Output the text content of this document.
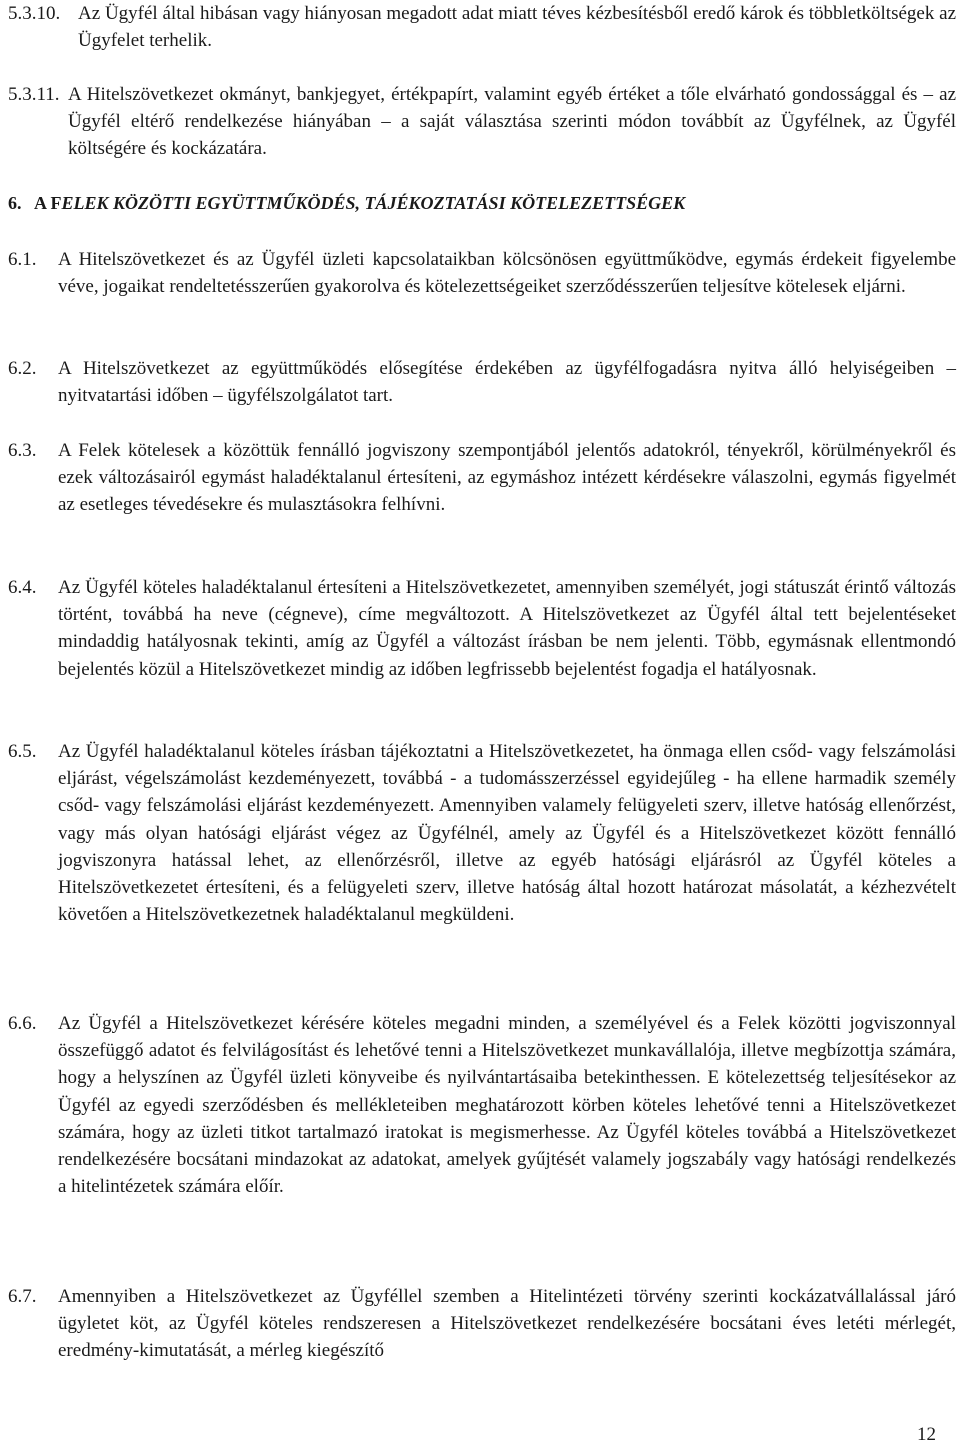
5.3.10. Az Ügyfél által hibásan vagy hiányosan megadott adat miatt téves kézbesítésből eredő károk és többletköltségek az Ügyfelet terhelik.
5.3.11. A Hitelszövetkezet okmányt, bankjegyet, értékpapírt, valamint egyéb értéket a tőle elvárható gondossággal és – az Ügyfél eltérő rendelkezése hiányában – a saját választása szerinti módon továbbít az Ügyfélnek, az Ügyfél költségére és kockázatára.
6. A FELEK KÖZÖTTI EGYÜTTMŰKÖDÉS, TÁJÉKOZTATÁSI KÖTELEZETTSÉGEK
6.1.	A Hitelszövetkezet és az Ügyfél üzleti kapcsolataikban kölcsönösen együttműködve, egymás érdekeit figyelembe véve, jogaikat rendeltetésszerűen gyakorolva és kötelezettségeiket szerződésszerűen teljesítve kötelesek eljárni.
6.2.	A Hitelszövetkezet az együttműködés elősegítése érdekében az ügyfélfogadásra nyitva álló helyiségeiben – nyitvatartási időben – ügyfélszolgálatot tart.
6.3.	A Felek kötelesek a közöttük fennálló jogviszony szempontjából jelentős adatokról, tényekről, körülményekről és ezek változásairól egymást haladéktalanul értesíteni, az egymáshoz intézett kérdésekre válaszolni, egymás figyelmét az esetleges tévedésekre és mulasztásokra felhívni.
6.4.	Az Ügyfél köteles haladéktalanul értesíteni a Hitelszövetkezetet, amennyiben személyét, jogi státuszát érintő változás történt, továbbá ha neve (cégneve), címe megváltozott. A Hitelszövetkezet az Ügyfél által tett bejelentéseket mindaddig hatályosnak tekinti, amíg az Ügyfél a változást írásban be nem jelenti. Több, egymásnak ellentmondó bejelentés közül a Hitelszövetkezet mindig az időben legfrissebb bejelentést fogadja el hatályosnak.
6.5.	Az Ügyfél haladéktalanul köteles írásban tájékoztatni a Hitelszövetkezetet, ha önmaga ellen csőd- vagy felszámolási eljárást, végelszámolást kezdeményezett, továbbá - a tudomásszerzéssel egyidejűleg - ha ellene harmadik személy csőd- vagy felszámolási eljárást kezdeményezett. Amennyiben valamely felügyeleti szerv, illetve hatóság ellenőrzést, vagy más olyan hatósági eljárást végez az Ügyfélnél, amely az Ügyfél és a Hitelszövetkezet között fennálló jogviszonyra hatással lehet, az ellenőrzésről, illetve az egyéb hatósági eljárásról az Ügyfél köteles a Hitelszövetkezetet értesíteni, és a felügyeleti szerv, illetve hatóság által hozott határozat másolatát, a kézhezvételt követően a Hitelszövetkezetnek haladéktalanul megküldeni.
6.6.	Az Ügyfél a Hitelszövetkezet kérésére köteles megadni minden, a személyével és a Felek közötti jogviszonnyal összefüggő adatot és felvilágosítást és lehetővé tenni a Hitelszövetkezet munkavállalója, illetve megbízottja számára, hogy a helyszínen az Ügyfél üzleti könyveibe és nyilvántartásaiba betekinthessen. E kötelezettség teljesítésekor az Ügyfél az egyedi szerződésben és mellékleteiben meghatározott körben köteles lehetővé tenni a Hitelszövetkezet számára, hogy az üzleti titkot tartalmazó iratokat is megismerhesse. Az Ügyfél köteles továbbá a Hitelszövetkezet rendelkezésére bocsátani mindazokat az adatokat, amelyek gyűjtését valamely jogszabály vagy hatósági rendelkezés a hitelintézetek számára előír.
6.7.	Amennyiben a Hitelszövetkezet az Ügyféllel szemben a Hitelintézeti törvény szerinti kockázatvállalással járó ügyletet köt, az Ügyfél köteles rendszeresen a Hitelszövetkezet rendelkezésére bocsátani éves letéti mérlegét, eredmény-kimutatását, a mérleg kiegészítő
12
